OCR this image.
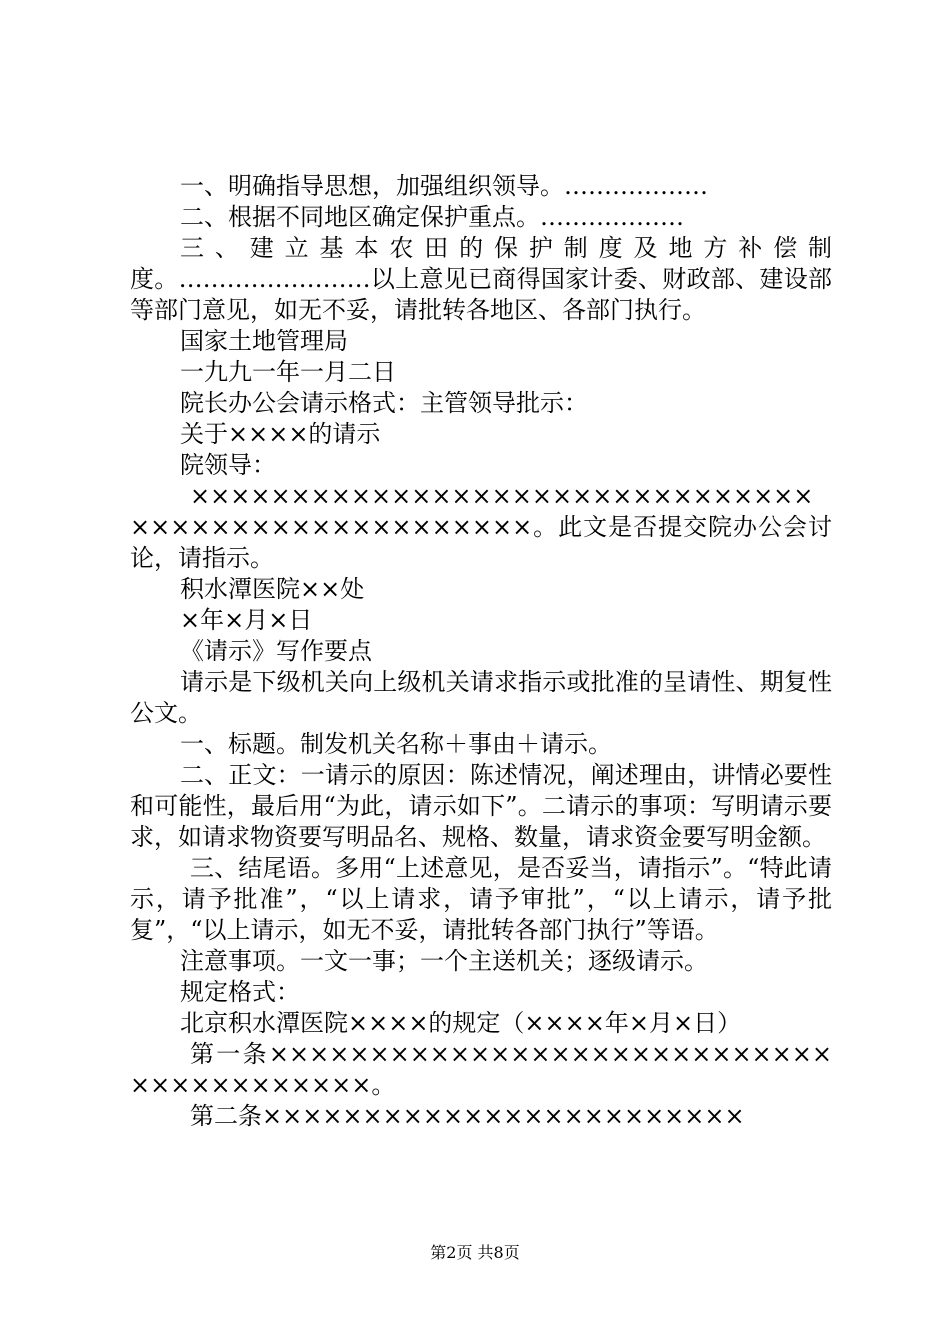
一、明确指导思想，加强组织领导。………………

二、根据不同地区确定保护重点。………………

三、建立基本农田的保护制度及地方补偿制度。……………………以上意见已商得国家计委、财政部、建设部等部门意见，如无不妥，请批转各地区、各部门执行。

国家土地管理局

一九九一年一月二日

院长办公会请示格式：主管领导批示：

关于××××的请示

院领导：

×××××××××××××××××××××××××××××××××××××××××××××××××××。此文是否提交院办公会讨论，请指示。

积水潭医院××处

×年×月×日

《请示》写作要点

请示是下级机关向上级机关请求指示或批准的呈请性、期复性公文。

一、标题。制发机关名称＋事由＋请示。

二、正文：一请示的原因：陈述情况，阐述理由，讲情必要性和可能性，最后用“为此，请示如下”。二请示的事项：写明请示要求，如请求物资要写明品名、规格、数量，请求资金要写明金额。

三、结尾语。多用“上述意见，是否妥当，请指示”。“特此请示，请予批准”，“以上请求，请予审批”，“以上请示，请予批复”，“以上请示，如无不妥，请批转各部门执行”等语。

注意事项。一文一事；一个主送机关；逐级请示。

规定格式：

北京积水潭医院××××的规定（××××年×月×日）

第一条××××××××××××××××××××××××××××××××××××××××。

第二条××××××××××××××××××××××××

第2页 共8页
